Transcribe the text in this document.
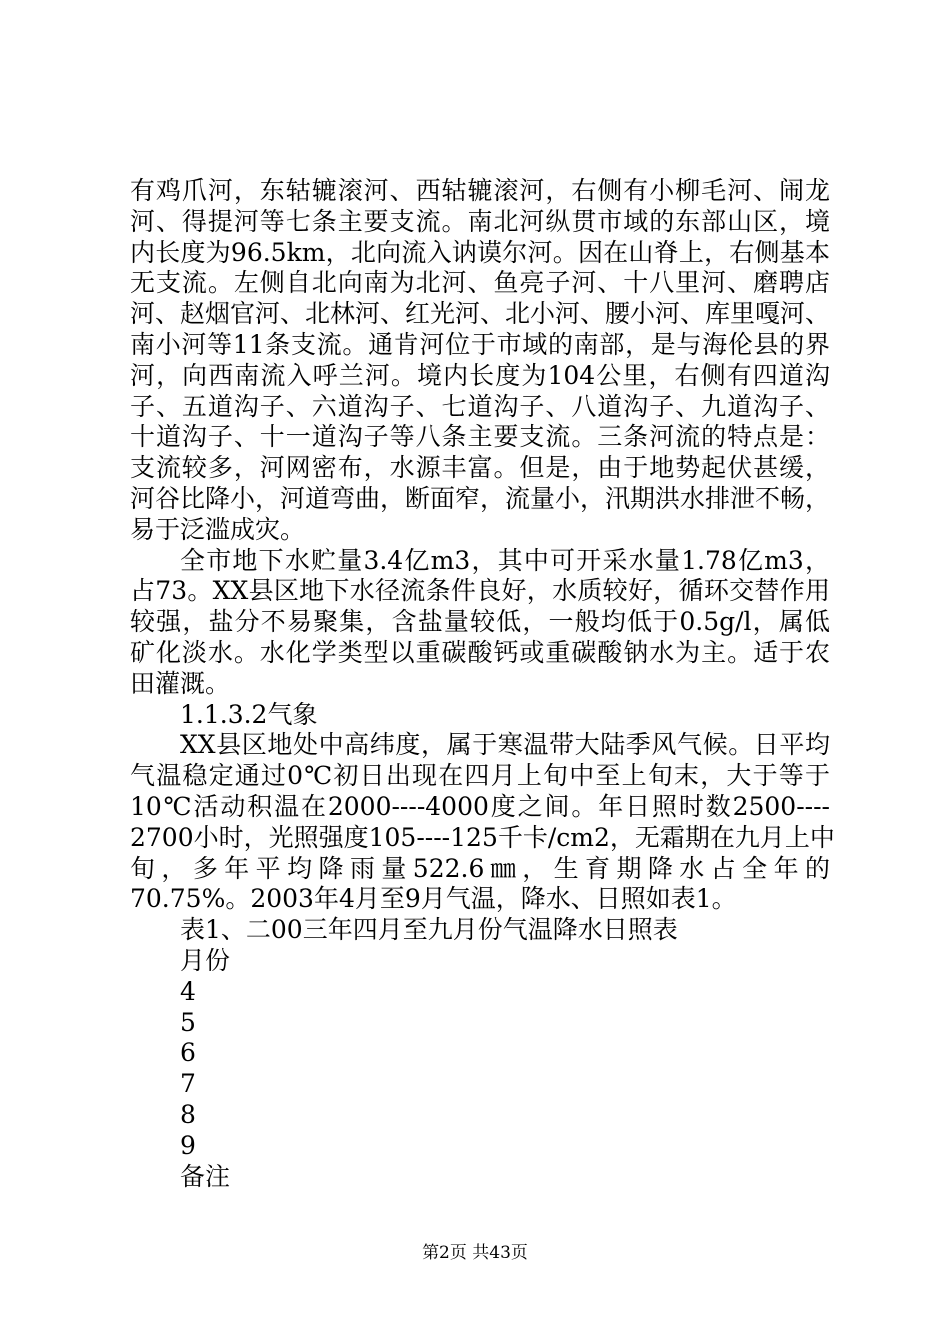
有鸡爪河，东轱辘滚河、西轱辘滚河，右侧有小柳毛河、闹龙
河、得提河等七条主要支流。南北河纵贯市域的东部山区，境
内长度为96.5km，北向流入讷谟尔河。因在山脊上，右侧基本
无支流。左侧自北向南为北河、鱼亮子河、十八里河、磨聘店
河、赵烟官河、北林河、红光河、北小河、腰小河、库里嘎河、
南小河等11条支流。通肯河位于市域的南部，是与海伦县的界
河，向西南流入呼兰河。境内长度为104公里，右侧有四道沟
子、五道沟子、六道沟子、七道沟子、八道沟子、九道沟子、
十道沟子、十一道沟子等八条主要支流。三条河流的特点是：
支流较多，河网密布，水源丰富。但是，由于地势起伏甚缓，
河谷比降小，河道弯曲，断面窄，流量小，汛期洪水排泄不畅，
易于泛滥成灾。
全市地下水贮量3.4亿m3，其中可开采水量1.78亿m3，
占73。XX县区地下水径流条件良好，水质较好，循环交替作用
较强，盐分不易聚集，含盐量较低，一般均低于0.5g/l，属低
矿化淡水。水化学类型以重碳酸钙或重碳酸钠水为主。适于农
田灌溉。
1.1.3.2气象
XX县区地处中高纬度，属于寒温带大陆季风气候。日平均
气温稳定通过0℃初日出现在四月上旬中至上旬末，大于等于
10℃活动积温在2000----4000度之间。年日照时数2500----
2700小时，光照强度105----125千卡/cm2，无霜期在九月上中
旬，多年平均降雨量522.6㎜，生育期降水占全年的
70.75%。2003年4月至9月气温，降水、日照如表1。
表1、二00三年四月至九月份气温降水日照表
月份
4
5
6
7
8
9
备注
第2页 共43页
